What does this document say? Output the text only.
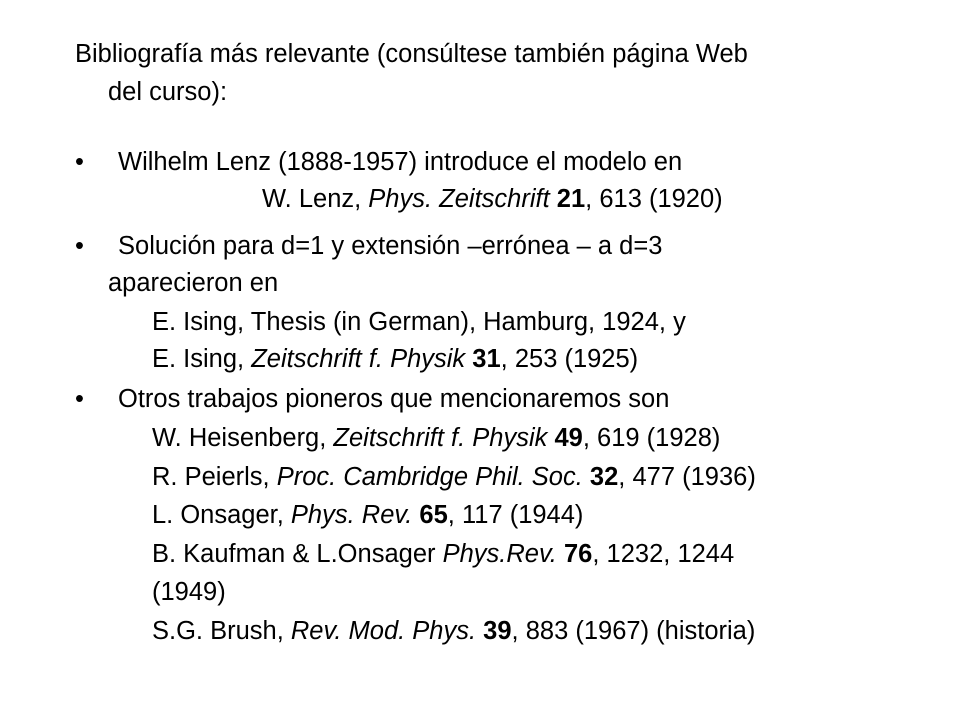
Bibliografía más relevante (consúltese también página Web
del curso):
• Wilhelm Lenz (1888-1957) introduce el modelo en
W. Lenz, Phys. Zeitschrift 21, 613 (1920)
• Solución para d=1 y extensión –errónea – a d=3
aparecieron en
E. Ising, Thesis (in German), Hamburg, 1924, y
E. Ising, Zeitschrift f. Physik 31, 253 (1925)
• Otros trabajos pioneros que mencionaremos son
W. Heisenberg, Zeitschrift f. Physik 49, 619 (1928)
R. Peierls, Proc. Cambridge Phil. Soc. 32, 477 (1936)
L. Onsager, Phys. Rev. 65, 117 (1944)
B. Kaufman & L.Onsager Phys.Rev. 76, 1232, 1244
(1949)
S.G. Brush, Rev. Mod. Phys. 39, 883 (1967) (historia)
